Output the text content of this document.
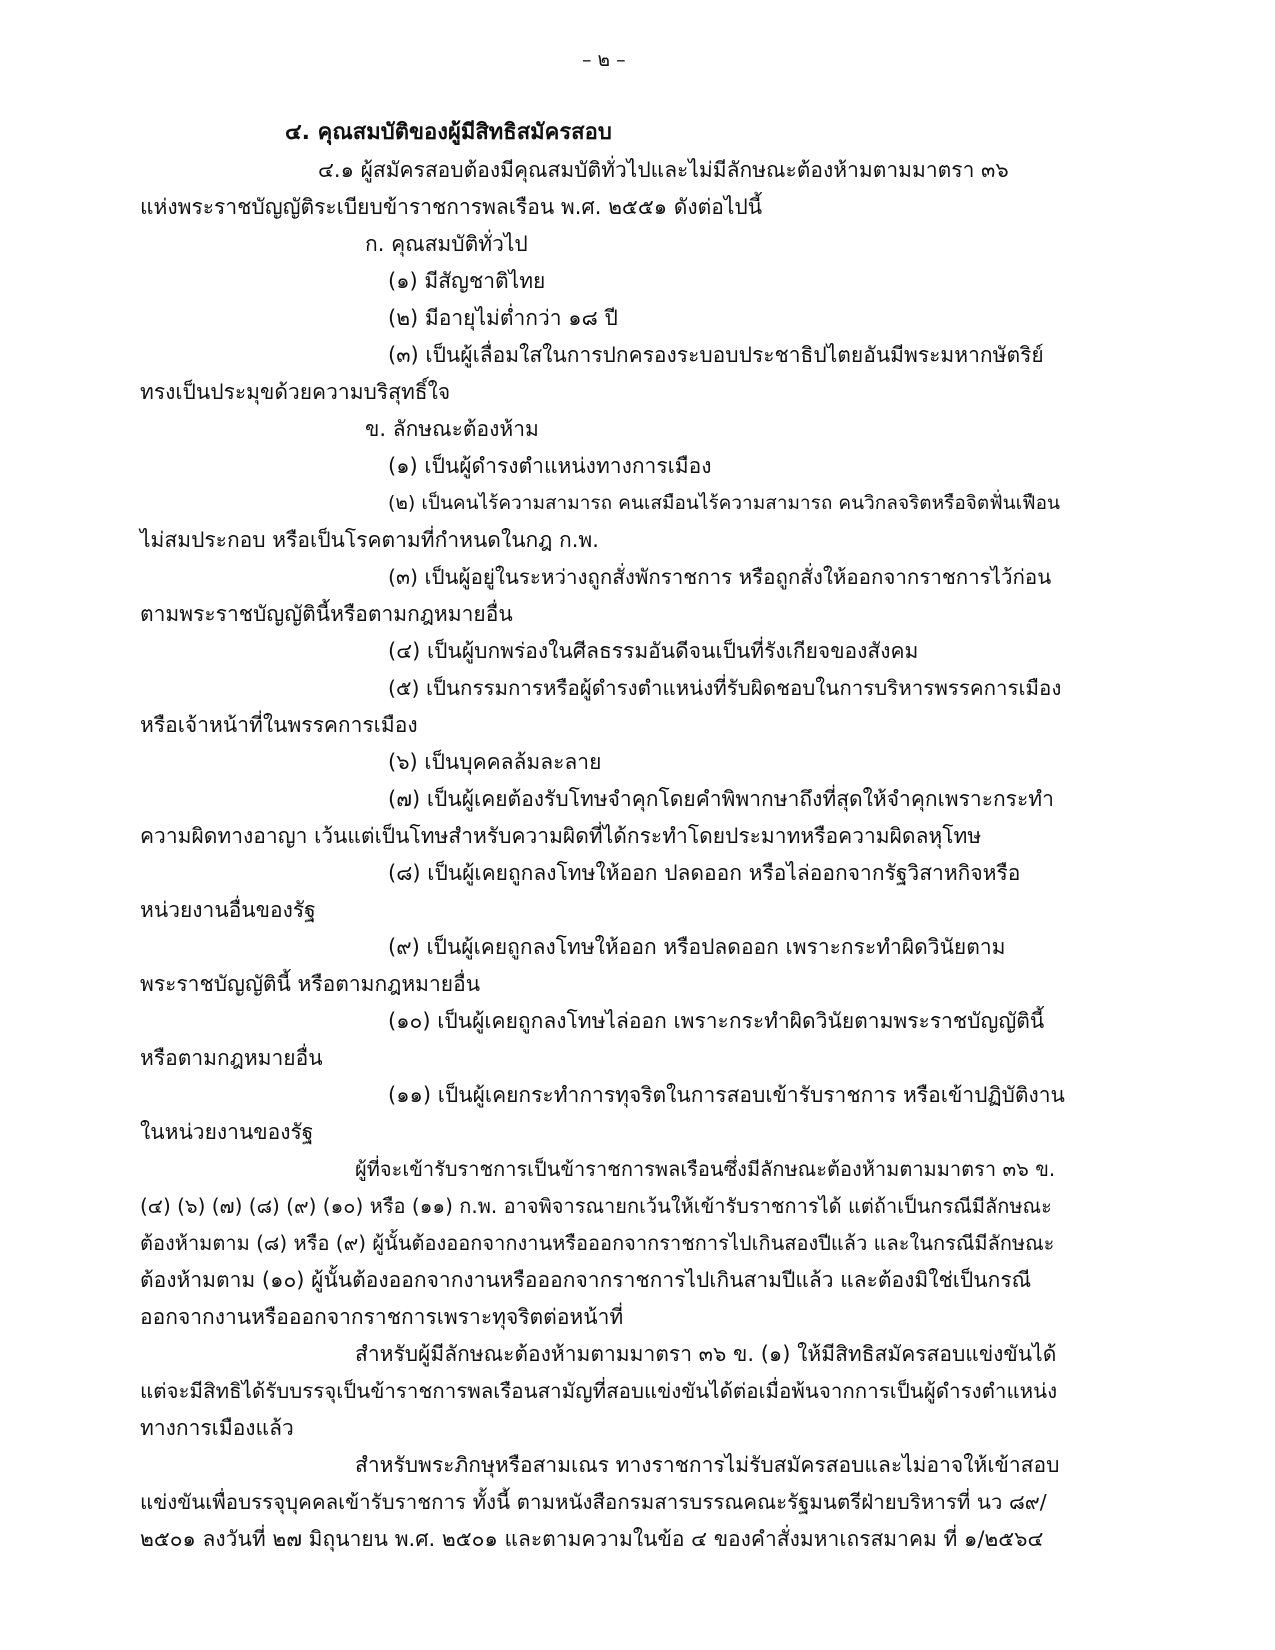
– ๒ –
๔. คุณสมบัติของผู้มีสิทธิสมัครสอบ
๔.๑ ผู้สมัครสอบต้องมีคุณสมบัติทั่วไปและไม่มีลักษณะต้องห้ามตามมาตรา ๓๖
แห่งพระราชบัญญัติระเบียบข้าราชการพลเรือน พ.ศ. ๒๕๕๑ ดังต่อไปนี้
ก. คุณสมบัติทั่วไป
(๑) มีสัญชาติไทย
(๒) มีอายุไม่ต่ำกว่า ๑๘ ปี
(๓) เป็นผู้เลื่อมใสในการปกครองระบอบประชาธิปไตยอันมีพระมหากษัตริย์
ทรงเป็นประมุขด้วยความบริสุทธิ์ใจ
ข. ลักษณะต้องห้าม
(๑) เป็นผู้ดำรงตำแหน่งทางการเมือง
(๒) เป็นคนไร้ความสามารถ คนเสมือนไร้ความสามารถ คนวิกลจริตหรือจิตฟั่นเฟือน
ไม่สมประกอบ หรือเป็นโรคตามที่กำหนดในกฎ ก.พ.
(๓) เป็นผู้อยู่ในระหว่างถูกสั่งพักราชการ หรือถูกสั่งให้ออกจากราชการไว้ก่อน
ตามพระราชบัญญัตินี้หรือตามกฎหมายอื่น
(๔) เป็นผู้บกพร่องในศีลธรรมอันดีจนเป็นที่รังเกียจของสังคม
(๕) เป็นกรรมการหรือผู้ดำรงตำแหน่งที่รับผิดชอบในการบริหารพรรคการเมือง
หรือเจ้าหน้าที่ในพรรคการเมือง
(๖) เป็นบุคคลล้มละลาย
(๗) เป็นผู้เคยต้องรับโทษจำคุกโดยคำพิพากษาถึงที่สุดให้จำคุกเพราะกระทำ
ความผิดทางอาญา เว้นแต่เป็นโทษสำหรับความผิดที่ได้กระทำโดยประมาทหรือความผิดลหุโทษ
(๘) เป็นผู้เคยถูกลงโทษให้ออก ปลดออก หรือไล่ออกจากรัฐวิสาหกิจหรือ
หน่วยงานอื่นของรัฐ
(๙) เป็นผู้เคยถูกลงโทษให้ออก หรือปลดออก เพราะกระทำผิดวินัยตาม
พระราชบัญญัตินี้ หรือตามกฎหมายอื่น
(๑๐) เป็นผู้เคยถูกลงโทษไล่ออก เพราะกระทำผิดวินัยตามพระราชบัญญัตินี้
หรือตามกฎหมายอื่น
(๑๑) เป็นผู้เคยกระทำการทุจริตในการสอบเข้ารับราชการ หรือเข้าปฏิบัติงาน
ในหน่วยงานของรัฐ
ผู้ที่จะเข้ารับราชการเป็นข้าราชการพลเรือนซึ่งมีลักษณะต้องห้ามตามมาตรา ๓๖ ข.
(๔) (๖) (๗) (๘) (๙) (๑๐) หรือ (๑๑) ก.พ. อาจพิจารณายกเว้นให้เข้ารับราชการได้ แต่ถ้าเป็นกรณีมีลักษณะ
ต้องห้ามตาม (๘) หรือ (๙) ผู้นั้นต้องออกจากงานหรือออกจากราชการไปเกินสองปีแล้ว และในกรณีมีลักษณะ
ต้องห้ามตาม (๑๐) ผู้นั้นต้องออกจากงานหรือออกจากราชการไปเกินสามปีแล้ว และต้องมิใช่เป็นกรณี
ออกจากงานหรือออกจากราชการเพราะทุจริตต่อหน้าที่
สำหรับผู้มีลักษณะต้องห้ามตามมาตรา ๓๖ ข. (๑) ให้มีสิทธิสมัครสอบแข่งขันได้
แต่จะมีสิทธิได้รับบรรจุเป็นข้าราชการพลเรือนสามัญที่สอบแข่งขันได้ต่อเมื่อพ้นจากการเป็นผู้ดำรงตำแหน่ง
ทางการเมืองแล้ว
สำหรับพระภิกษุหรือสามเณร ทางราชการไม่รับสมัครสอบและไม่อาจให้เข้าสอบ
แข่งขันเพื่อบรรจุบุคคลเข้ารับราชการ ทั้งนี้ ตามหนังสือกรมสารบรรณคณะรัฐมนตรีฝ่ายบริหารที่ นว ๘๙/
๒๕๐๑ ลงวันที่ ๒๗ มิถุนายน พ.ศ. ๒๕๐๑ และตามความในข้อ ๔ ของคำสั่งมหาเถรสมาคม ที่ ๑/๒๕๖๔
